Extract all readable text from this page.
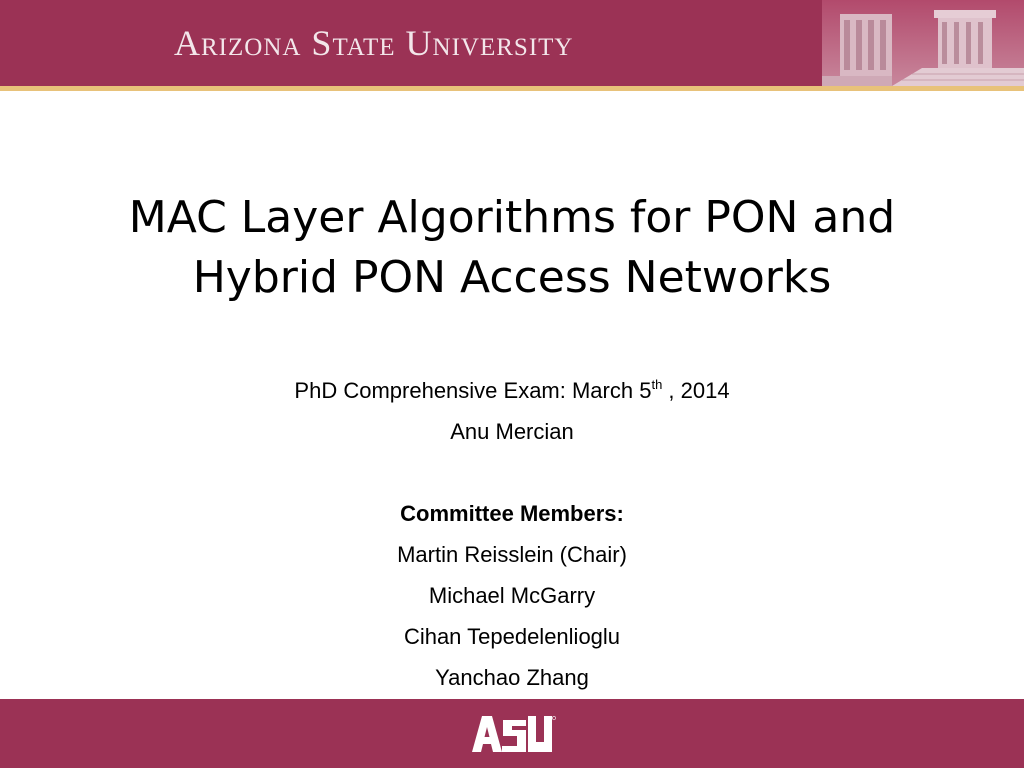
Arizona State University
MAC Layer Algorithms for PON and
Hybrid PON Access Networks

PhD Comprehensive Exam: March 5th , 2014

Anu Mercian

Committee Members:

Martin Reisslein (Chair)

Michael McGarry

Cihan Tepedelenlioglu

Yanchao Zhang
